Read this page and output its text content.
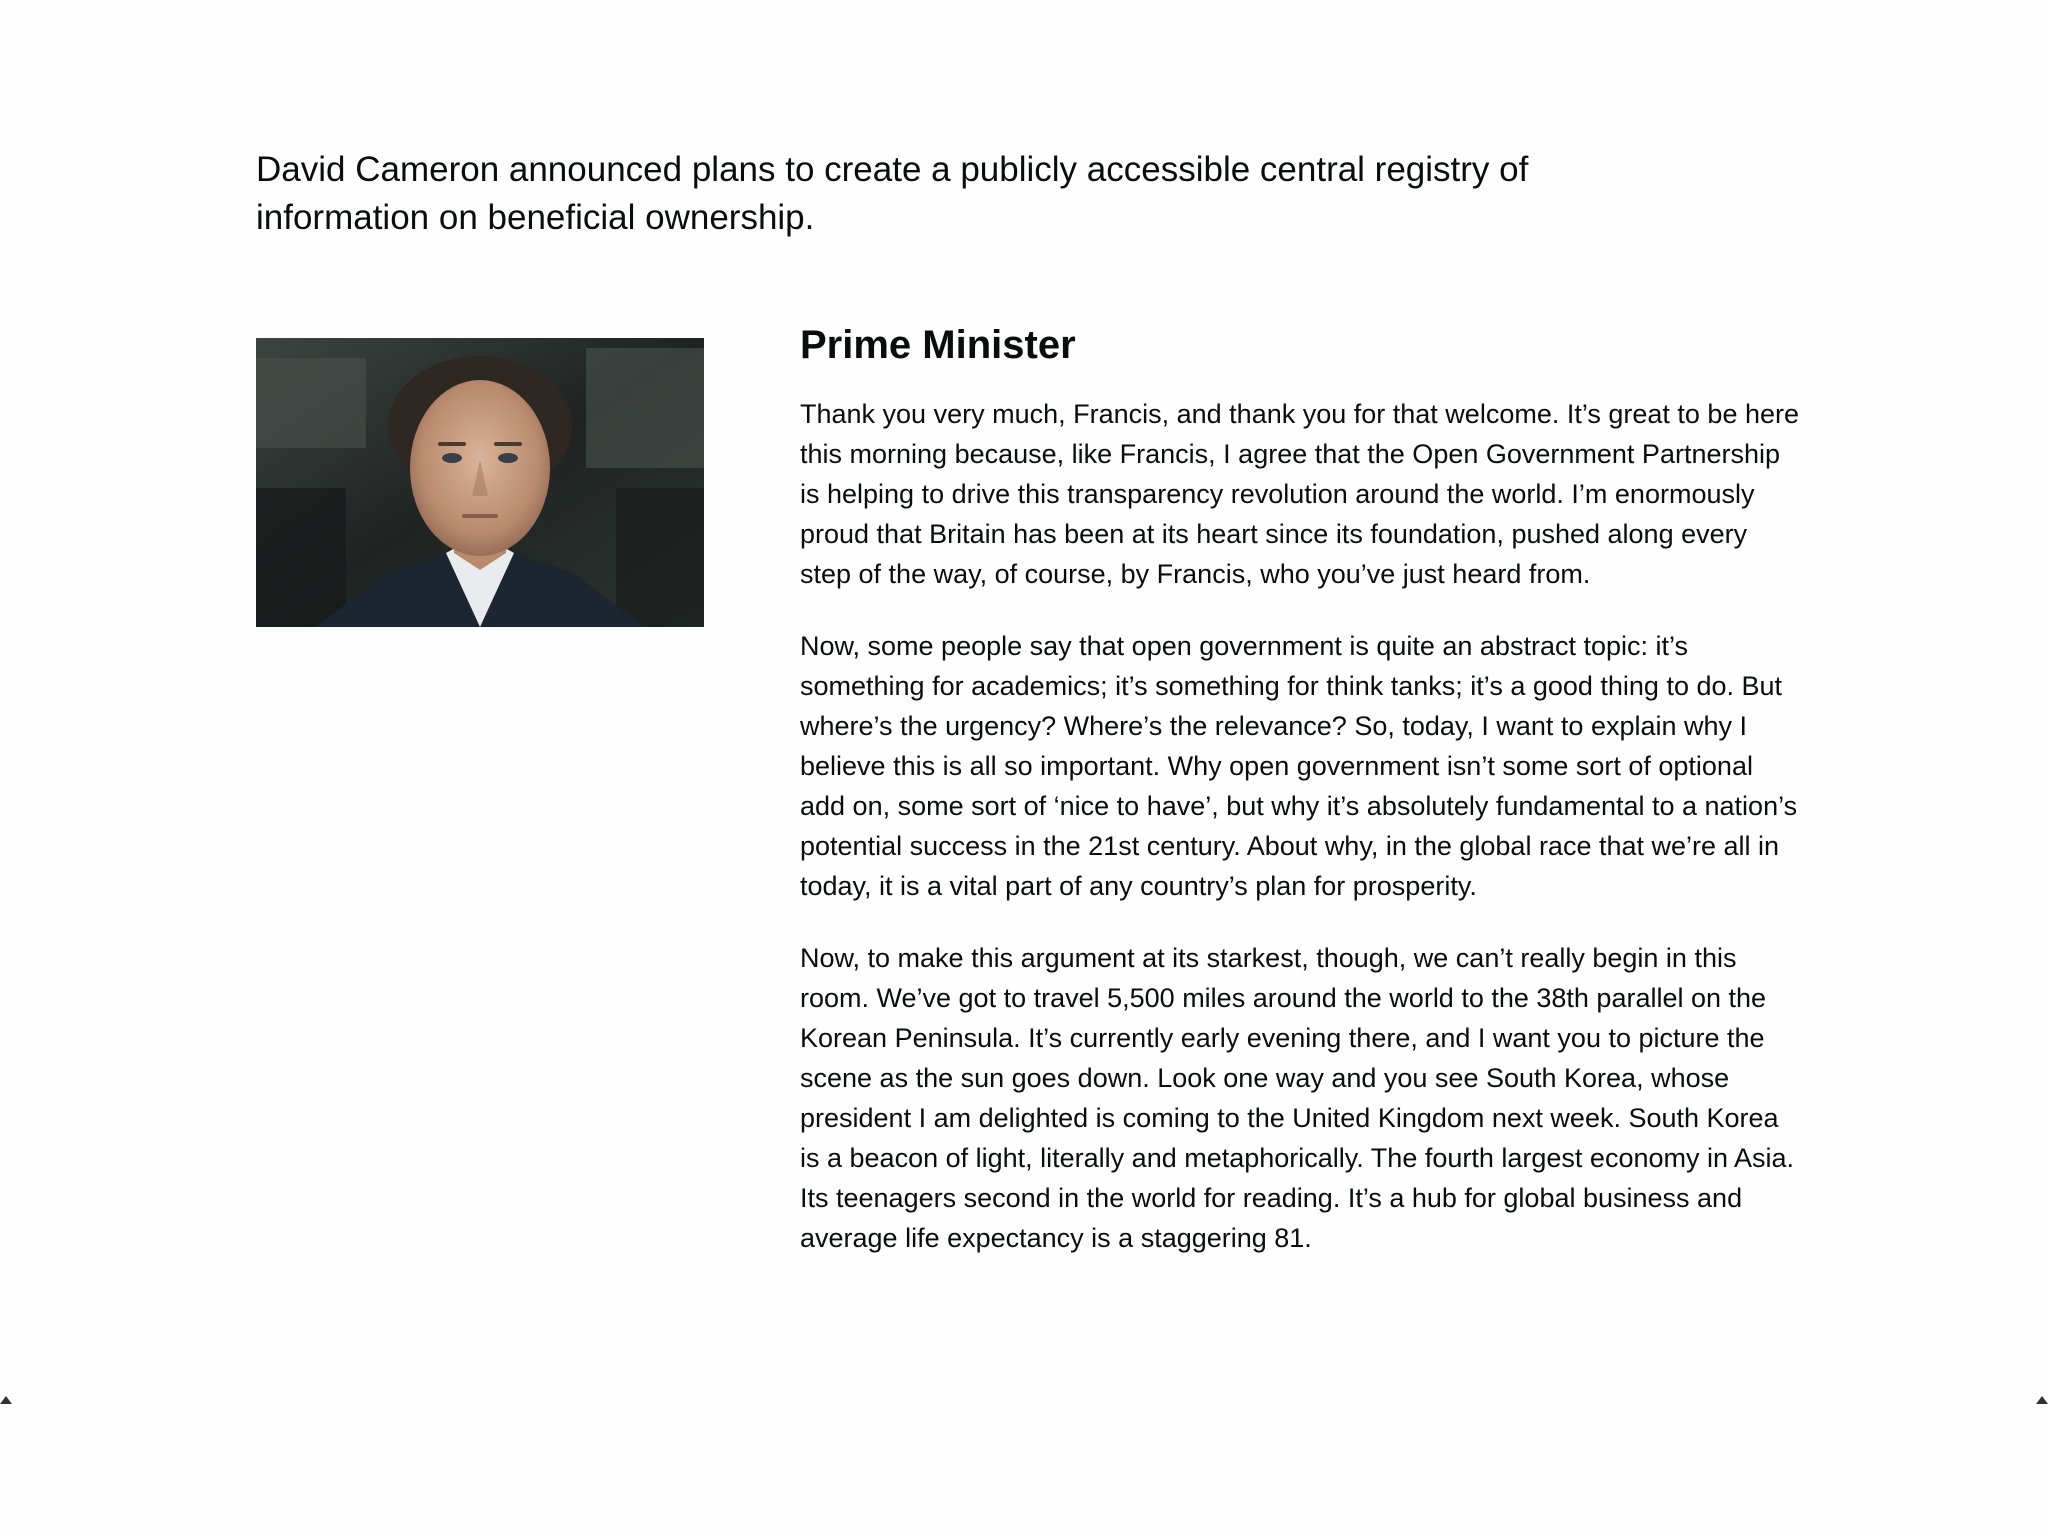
David Cameron announced plans to create a publicly accessible central registry of information on beneficial ownership.

Prime Minister

Thank you very much, Francis, and thank you for that welcome. It’s great to be here this morning because, like Francis, I agree that the Open Government Partnership is helping to drive this transparency revolution around the world. I’m enormously proud that Britain has been at its heart since its foundation, pushed along every step of the way, of course, by Francis, who you’ve just heard from.

Now, some people say that open government is quite an abstract topic: it’s something for academics; it’s something for think tanks; it’s a good thing to do. But where’s the urgency? Where’s the relevance? So, today, I want to explain why I believe this is all so important. Why open government isn’t some sort of optional add on, some sort of ‘nice to have’, but why it’s absolutely fundamental to a nation’s potential success in the 21st century. About why, in the global race that we’re all in today, it is a vital part of any country’s plan for prosperity.

Now, to make this argument at its starkest, though, we can’t really begin in this room. We’ve got to travel 5,500 miles around the world to the 38th parallel on the Korean Peninsula. It’s currently early evening there, and I want you to picture the scene as the sun goes down. Look one way and you see South Korea, whose president I am delighted is coming to the United Kingdom next week. South Korea is a beacon of light, literally and metaphorically. The fourth largest economy in Asia. Its teenagers second in the world for reading. It’s a hub for global business and average life expectancy is a staggering 81.
